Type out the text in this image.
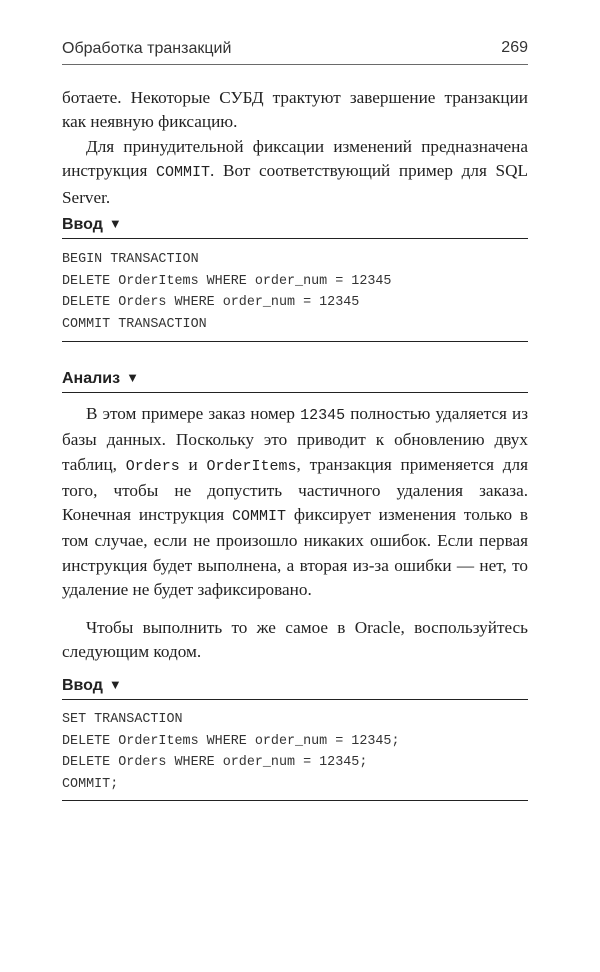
Обработка транзакций	269

ботаете. Некоторые СУБД трактуют завершение транзакции как неявную фиксацию.

Для принудительной фиксации изменений предназначена инструкция COMMIT. Вот соответствующий пример для SQL Server.

Ввод ▼
BEGIN TRANSACTION
DELETE OrderItems WHERE order_num = 12345
DELETE Orders WHERE order_num = 12345
COMMIT TRANSACTION
Анализ ▼

В этом примере заказ номер 12345 полностью удаляется из базы данных. Поскольку это приводит к обновлению двух таблиц, Orders и OrderItems, транзакция применяется для того, чтобы не допустить частичного удаления заказа. Конечная инструкция COMMIT фиксирует изменения только в том случае, если не произошло никаких ошибок. Если первая инструкция будет выполнена, а вторая из-за ошибки — нет, то удаление не будет зафиксировано.

Чтобы выполнить то же самое в Oracle, воспользуйтесь следующим кодом.

Ввод ▼
SET TRANSACTION
DELETE OrderItems WHERE order_num = 12345;
DELETE Orders WHERE order_num = 12345;
COMMIT;
